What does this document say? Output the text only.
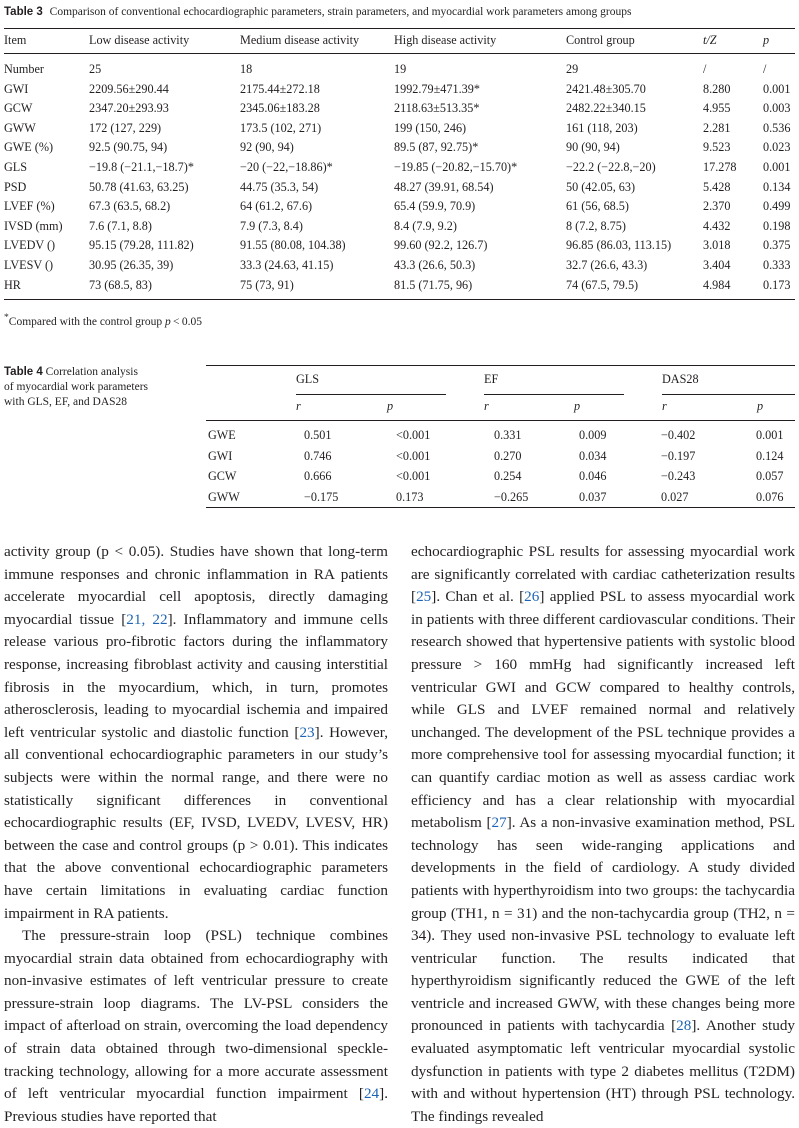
Table 3 Comparison of conventional echocardiographic parameters, strain parameters, and myocardial work parameters among groups
Item	Low disease activity	Medium disease activity	High disease activity	Control group	t/Z	p
Number	25	18	19	29	/	/
GWI	2209.56±290.44	2175.44±272.18	1992.79±471.39*	2421.48±305.70	8.280	0.001
GCW	2347.20±293.93	2345.06±183.28	2118.63±513.35*	2482.22±340.15	4.955	0.003
GWW	172 (127, 229)	173.5 (102, 271)	199 (150, 246)	161 (118, 203)	2.281	0.536
GWE (%)	92.5 (90.75, 94)	92 (90, 94)	89.5 (87, 92.75)*	90 (90, 94)	9.523	0.023
GLS	−19.8 (−21.1,−18.7)*	−20 (−22,−18.86)*	−19.85 (−20.82,−15.70)*	−22.2 (−22.8,−20)	17.278 0.001
PSD	50.78 (41.63, 63.25)	44.75 (35.3, 54)	48.27 (39.91, 68.54)	50 (42.05, 63)	5.428	0.134
LVEF (%)	67.3 (63.5, 68.2)	64 (61.2, 67.6)	65.4 (59.9, 70.9)	61 (56, 68.5)	2.370	0.499
IVSD (mm) 7.6 (7.1, 8.8)	7.9 (7.3, 8.4)	8.4 (7.9, 9.2)	8 (7.2, 8.75)	4.432	0.198
LVEDV ()	95.15 (79.28, 111.82)	91.55 (80.08, 104.38)	99.60 (92.2, 126.7)	96.85 (86.03, 113.15)	3.018	0.375
LVESV ()	30.95 (26.35, 39)	33.3 (24.63, 41.15)	43.3 (26.6, 50.3)	32.7 (26.6, 43.3)	3.404	0.333
HR	73 (68.5, 83)	75 (73, 91)	81.5 (71.75, 96)	74 (67.5, 79.5)	4.984	0.173
*Compared with the control group p < 0.05
Table 4 Correlation analysis
of myocardial work parameters
with GLS, EF, and DAS28
GLS	EF	DAS28
r	p	r	p	r	p
GWE	0.501	<0.001	0.331	0.009	−0.402	0.001
GWI	0.746	<0.001	0.270	0.034	−0.197	0.124
GCW	0.666	<0.001	0.254	0.046	−0.243	0.057
GWW	−0.175	0.173	−0.265	0.037	0.027	0.076

activity group (p < 0.05). Studies have shown that long-term immune responses and chronic inflammation in RA patients accelerate myocardial cell apoptosis, directly damaging myocardial tissue [21, 22]. Inflammatory and immune cells release various pro-fibrotic factors during the inflammatory response, increasing fibroblast activity and causing interstitial fibrosis in the myocardium, which, in turn, promotes atherosclerosis, leading to myocardial ischemia and impaired left ventricular systolic and diastolic function [23]. However, all conventional echocardiographic parameters in our study’s subjects were within the normal range, and there were no statistically significant differences in conventional echocardiographic results (EF, IVSD, LVEDV, LVESV, HR) between the case and control groups (p > 0.01). This indicates that the above conventional echocardiographic parameters have certain limitations in evaluating cardiac function impairment in RA patients.

The pressure-strain loop (PSL) technique combines myocardial strain data obtained from echocardiography with non-invasive estimates of left ventricular pressure to create pressure-strain loop diagrams. The LV-PSL considers the impact of afterload on strain, overcoming the load dependency of strain data obtained through two-dimensional speckle-tracking technology, allowing for a more accurate assessment of left ventricular myocardial function impairment [24]. Previous studies have reported that

echocardiographic PSL results for assessing myocardial work are significantly correlated with cardiac catheterization results [25]. Chan et al. [26] applied PSL to assess myocardial work in patients with three different cardiovascular conditions. Their research showed that hypertensive patients with systolic blood pressure > 160 mmHg had significantly increased left ventricular GWI and GCW compared to healthy controls, while GLS and LVEF remained normal and relatively unchanged. The development of the PSL technique provides a more comprehensive tool for assessing myocardial function; it can quantify cardiac motion as well as assess cardiac work efficiency and has a clear relationship with myocardial metabolism [27]. As a non-invasive examination method, PSL technology has seen wide-ranging applications and developments in the field of cardiology. A study divided patients with hyperthyroidism into two groups: the tachycardia group (TH1, n = 31) and the non-tachycardia group (TH2, n = 34). They used non-invasive PSL technology to evaluate left ventricular function. The results indicated that hyperthyroidism significantly reduced the GWE of the left ventricle and increased GWW, with these changes being more pronounced in patients with tachycardia [28]. Another study evaluated asymptomatic left ventricular myocardial systolic dysfunction in patients with type 2 diabetes mellitus (T2DM) with and without hypertension (HT) through PSL technology. The findings revealed
